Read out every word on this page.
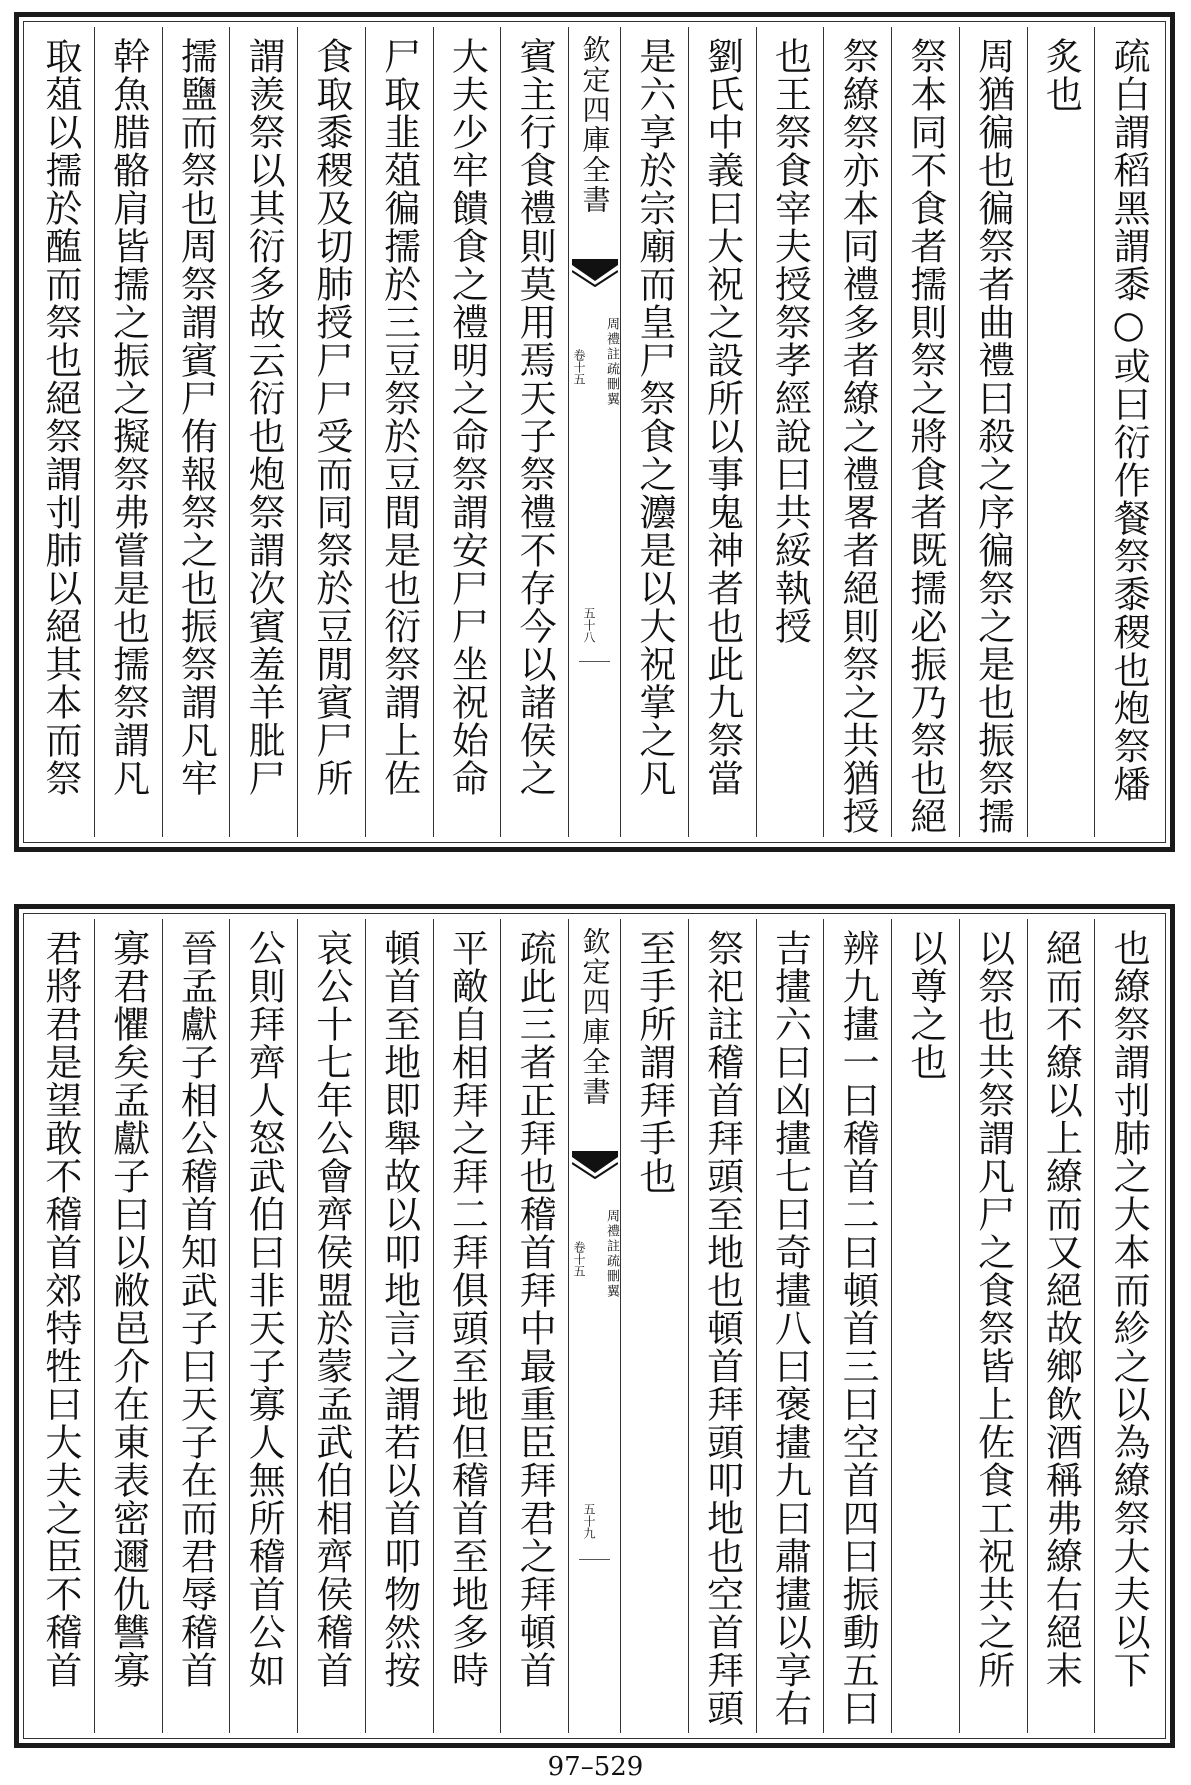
疏白謂稻黑謂黍○或曰衍作餐祭黍稷也炮祭燔
炙也
周猶徧也徧祭者曲禮曰殺之序徧祭之是也振祭擩
祭本同不食者擩則祭之將食者既擩必振乃祭也絕
祭繚祭亦本同禮多者繚之禮畧者絕則祭之共猶授
也王祭食宰夫授祭孝經說曰共綏執授
劉氏中義曰大祝之設所以事鬼神者也此九祭當
是六享於宗廟而皇尸祭食之灋是以大祝掌之凡
欽定四庫全書
周禮註疏刪翼
卷十五
五十八
賓主行食禮則莫用焉天子祭禮不存今以諸侯之
大夫少牢饋食之禮明之命祭謂安尸尸坐祝始命
尸取韭葅徧擩於三豆祭於豆間是也衍祭謂上佐
食取黍稷及切肺授尸尸受而同祭於豆閒賓尸所
謂羨祭以其衍多故云衍也炮祭謂次賓羞羊肶尸
擩鹽而祭也周祭謂賓尸侑報祭之也振祭謂凡牢
幹魚腊骼肩皆擩之振之擬祭弗嘗是也擩祭謂凡
取葅以擩於醢而祭也絕祭謂刌肺以絕其本而祭
也繚祭謂刌肺之大本而紾之以為繚祭大夫以下
絕而不繚以上繚而又絕故鄉飲酒稱弗繚右絕末
以祭也共祭謂凡尸之食祭皆上佐食工祝共之所
以尊之也
辨九㩇一曰稽首二曰頓首三曰空首四曰振動五曰
吉㩇六曰凶㩇七曰奇㩇八曰褒㩇九曰肅㩇以享右
祭祀註稽首拜頭至地也頓首拜頭叩地也空首拜頭
至手所謂拜手也
欽定四庫全書
周禮註疏刪翼
卷十五
五十九
疏此三者正拜也稽首拜中最重臣拜君之拜頓首
平敵自相拜之拜二拜俱頭至地但稽首至地多時
頓首至地即舉故以叩地言之謂若以首叩物然按
哀公十七年公會齊侯盟於蒙孟武伯相齊侯稽首
公則拜齊人怒武伯曰非天子寡人無所稽首公如
晉孟獻子相公稽首知武子曰天子在而君辱稽首
寡君懼矣孟獻子曰以敝邑介在東表密邇仇讐寡
君將君是望敢不稽首郊特牲曰大夫之臣不稽首
97–529
